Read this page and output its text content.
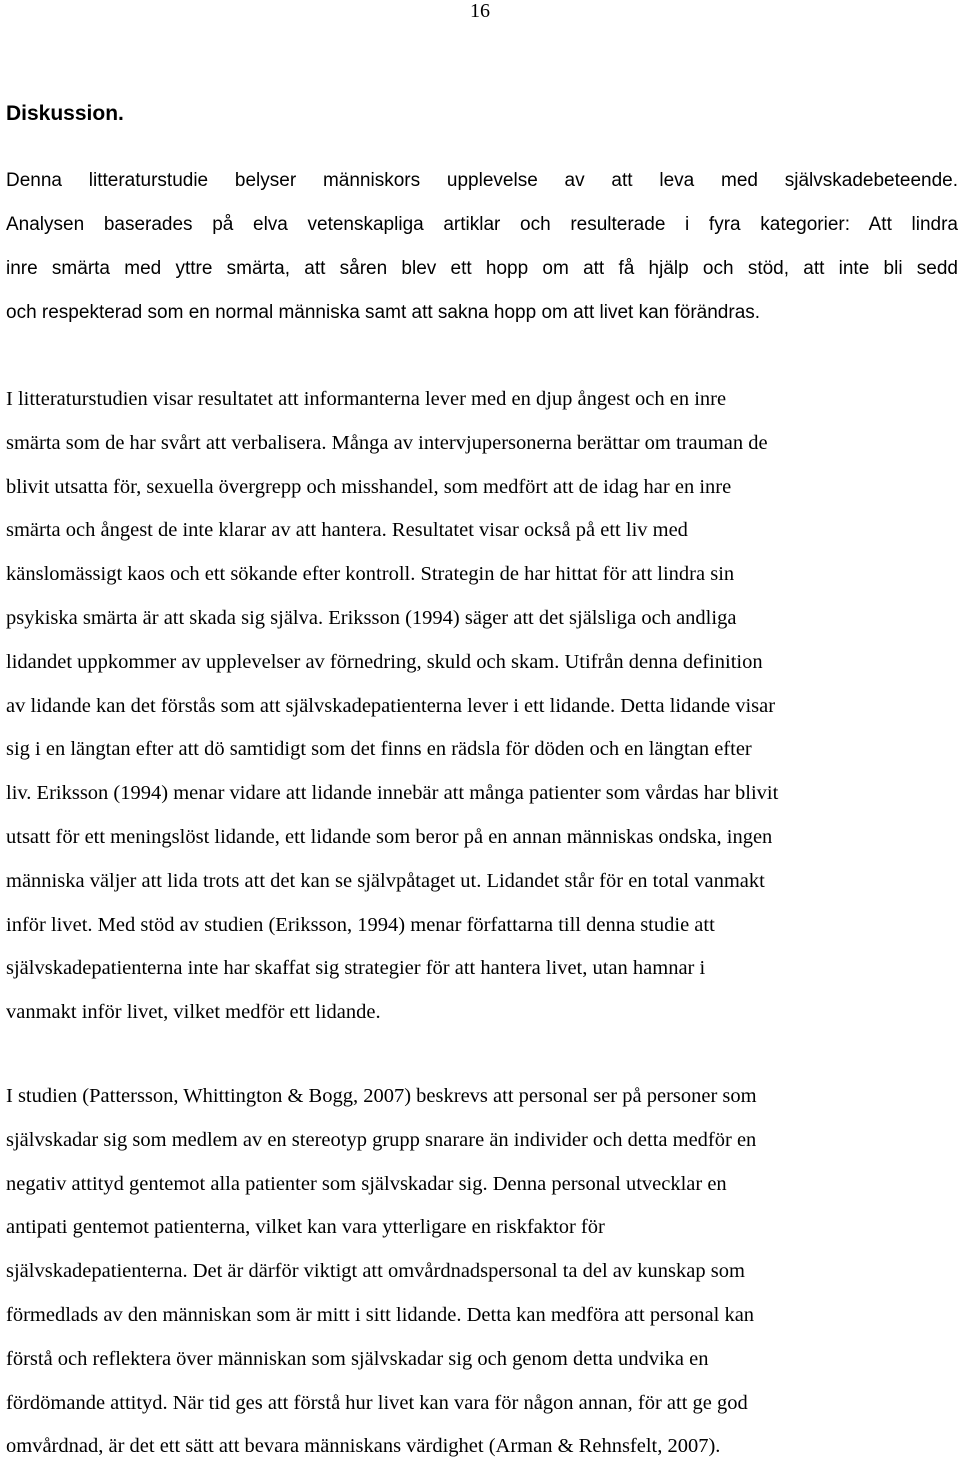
16
Diskussion.
Denna litteraturstudie belyser människors upplevelse av att leva med självskadebeteende.
Analysen baserades på elva vetenskapliga artiklar och resulterade i fyra kategorier: Att lindra
inre smärta med yttre smärta, att såren blev ett hopp om att få hjälp och stöd, att inte bli sedd
och respekterad som en normal människa samt att sakna hopp om att livet kan förändras.
I litteraturstudien visar resultatet att informanterna lever med en djup ångest och en inre
smärta som de har svårt att verbalisera. Många av intervjupersonerna berättar om trauman de
blivit utsatta för, sexuella övergrepp och misshandel, som medfört att de idag har en inre
smärta och ångest de inte klarar av att hantera. Resultatet visar också på ett liv med
känslomässigt kaos och ett sökande efter kontroll. Strategin de har hittat för att lindra sin
psykiska smärta är att skada sig själva. Eriksson (1994) säger att det själsliga och andliga
lidandet uppkommer av upplevelser av förnedring, skuld och skam. Utifrån denna definition
av lidande kan det förstås som att självskadepatienterna lever i ett lidande. Detta lidande visar
sig i en längtan efter att dö samtidigt som det finns en rädsla för döden och en längtan efter
liv. Eriksson (1994) menar vidare att lidande innebär att många patienter som vårdas har blivit
utsatt för ett meningslöst lidande, ett lidande som beror på en annan människas ondska, ingen
människa väljer att lida trots att det kan se självpåtaget ut. Lidandet står för en total vanmakt
inför livet. Med stöd av studien (Eriksson, 1994) menar författarna till denna studie att
självskadepatienterna inte har skaffat sig strategier för att hantera livet, utan hamnar i
vanmakt inför livet, vilket medför ett lidande.
I studien (Pattersson, Whittington & Bogg, 2007) beskrevs att personal ser på personer som
självskadar sig som medlem av en stereotyp grupp snarare än individer och detta medför en
negativ attityd gentemot alla patienter som självskadar sig. Denna personal utvecklar en
antipati gentemot patienterna, vilket kan vara ytterligare en riskfaktor för
självskadepatienterna. Det är därför viktigt att omvårdnadspersonal ta del av kunskap som
förmedlads av den människan som är mitt i sitt lidande. Detta kan medföra att personal kan
förstå och reflektera över människan som självskadar sig och genom detta undvika en
fördömande attityd. När tid ges att förstå hur livet kan vara för någon annan, för att ge god
omvårdnad, är det ett sätt att bevara människans värdighet (Arman & Rehnsfelt, 2007).
